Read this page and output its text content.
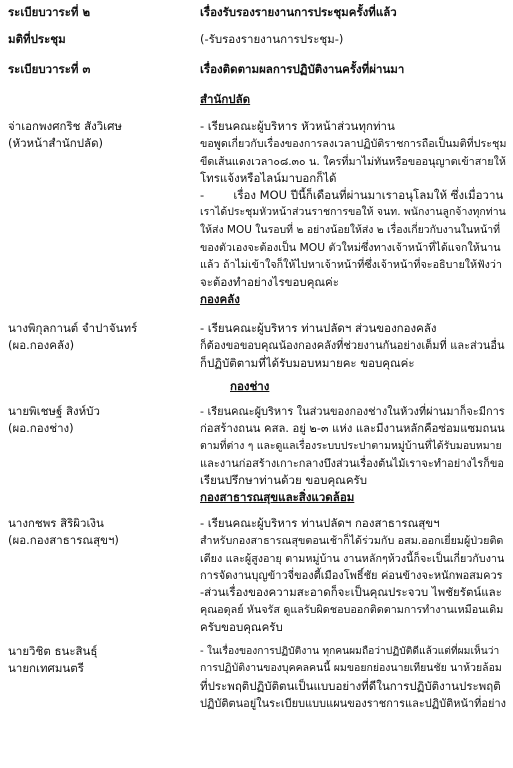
ระเบียบวาระที่ ๒	เรื่องรับรองรายงานการประชุมครั้งที่แล้ว
มติที่ประชุม	(-รับรองรายงานการประชุม-)
ระเบียบวาระที่ ๓	เรื่องติดตามผลการปฏิบัติงานครั้งที่ผ่านมา
สำนักปลัด
จ่าเอกพงศกริช สังวิเศษ
(หัวหน้าสำนักปลัด)
- เรียนคณะผู้บริหาร หัวหน้าส่วนทุกท่าน
ขอพูดเกี่ยวกับเรื่องของการลงเวลาปฏิบัติราชการถือเป็นมติที่ประชุม
ขีดเส้นแดงเวลา๐๘.๓๐ น. ใครที่มาไม่ทันหรือขออนุญาตเข้าสายให้
โทรแจ้งหรือไลน์มาบอกก็ได้
-        เรื่อง MOU ปีนี้ก็เดือนที่ผ่านมาเราอนุโลมให้ ซึ่งเมื่อวาน
เราได้ประชุมหัวหน้าส่วนราชการขอให้ จนท. พนักงานลูกจ้างทุกท่าน
ให้ส่ง MOU ในรอบที่ ๒ อย่างน้อยให้ส่ง ๒ เรื่องเกี่ยวกับงานในหน้าที่
ของตัวเองจะต้องเป็น MOU ตัวใหม่ซึ่งทางเจ้าหน้าที่ได้แจกให้นาน
แล้ว ถ้าไม่เข้าใจก็ให้ไปหาเจ้าหน้าที่ซึ่งเจ้าหน้าที่จะอธิบายให้ฟังว่า
จะต้องทำอย่างไรขอบคุณค่ะ
กองคลัง
นางพิกุลกานต์ จำปาจันทร์
(ผอ.กองคลัง)
- เรียนคณะผู้บริหาร ท่านปลัดฯ ส่วนของกองคลัง
ก็ต้องขอขอบคุณน้องกองคลังที่ช่วยงานกันอย่างเต็มที่ และส่วนอื่น
ก็ปฏิบัติตามที่ได้รับมอบหมายคะ ขอบคุณค่ะ
กองช่าง
นายพิเชษฐ์ สิงห์บัว
(ผอ.กองช่าง)
- เรียนคณะผู้บริหาร ในส่วนของกองช่างในห้วงที่ผ่านมาก็จะมีการ
ก่อสร้างถนน คสล. อยู่ ๒-๓ แห่ง และมีงานหลักคือซ่อมแซมถนน
ตามที่ต่าง ๆ และดูแลเรื่องระบบประปาตามหมู่บ้านที่ได้รับมอบหมาย
และงานก่อสร้างเกาะกลางบึงส่วนเรื่องต้นไม้เราจะทำอย่างไรก็ขอ
เรียนปรึกษาท่านด้วย ขอบคุณครับ
กองสาธารณสุขและสิ่งแวดล้อม
นางกชพร สิริผิวเงิน
(ผอ.กองสาธารณสุขฯ)
- เรียนคณะผู้บริหาร ท่านปลัดฯ กองสาธารณสุขฯ
สำหรับกองสาธารณสุขตอนเช้าก็ได้ร่วมกับ อสม.ออกเยี่ยมผู้ป่วยติด
เตียง และผู้สูงอายุ ตามหมู่บ้าน งานหลักๆห้วงนี้ก็จะเป็นเกี่ยวกับงาน
การจัดงานบุญข้าวจี่ของตี้เมืองโพธิ์ชัย ค่อนข้างจะหนักพอสมควร
-ส่วนเรื่องของความสะอาดก็จะเป็นคุณประจวบ ไพชัยรัตน์และ
คุณอดุลย์ หันจรัส ดูแลรับผิดชอบออกติดตามการทำงานเหมือนเดิม
ครับขอบคุณครับ
นายวิชิต ธนะสินธุ์
นายกเทศมนตรี
- ในเรื่องของการปฏิบัติงาน ทุกคนผมถือว่าปฏิบัติดีแล้วแต่ที่ผมเห็นว่า
การปฏิบัติงานของบุคคลคนนี้ ผมขอยกย่องนายเทียนชัย นาห้วยล้อม
ที่ประพฤติปฏิบัติตนเป็นแบบอย่างที่ดีในการปฏิบัติงานประพฤติ
ปฏิบัติตนอยู่ในระเบียบแบบแผนของราชการและปฏิบัติหน้าที่อย่าง
